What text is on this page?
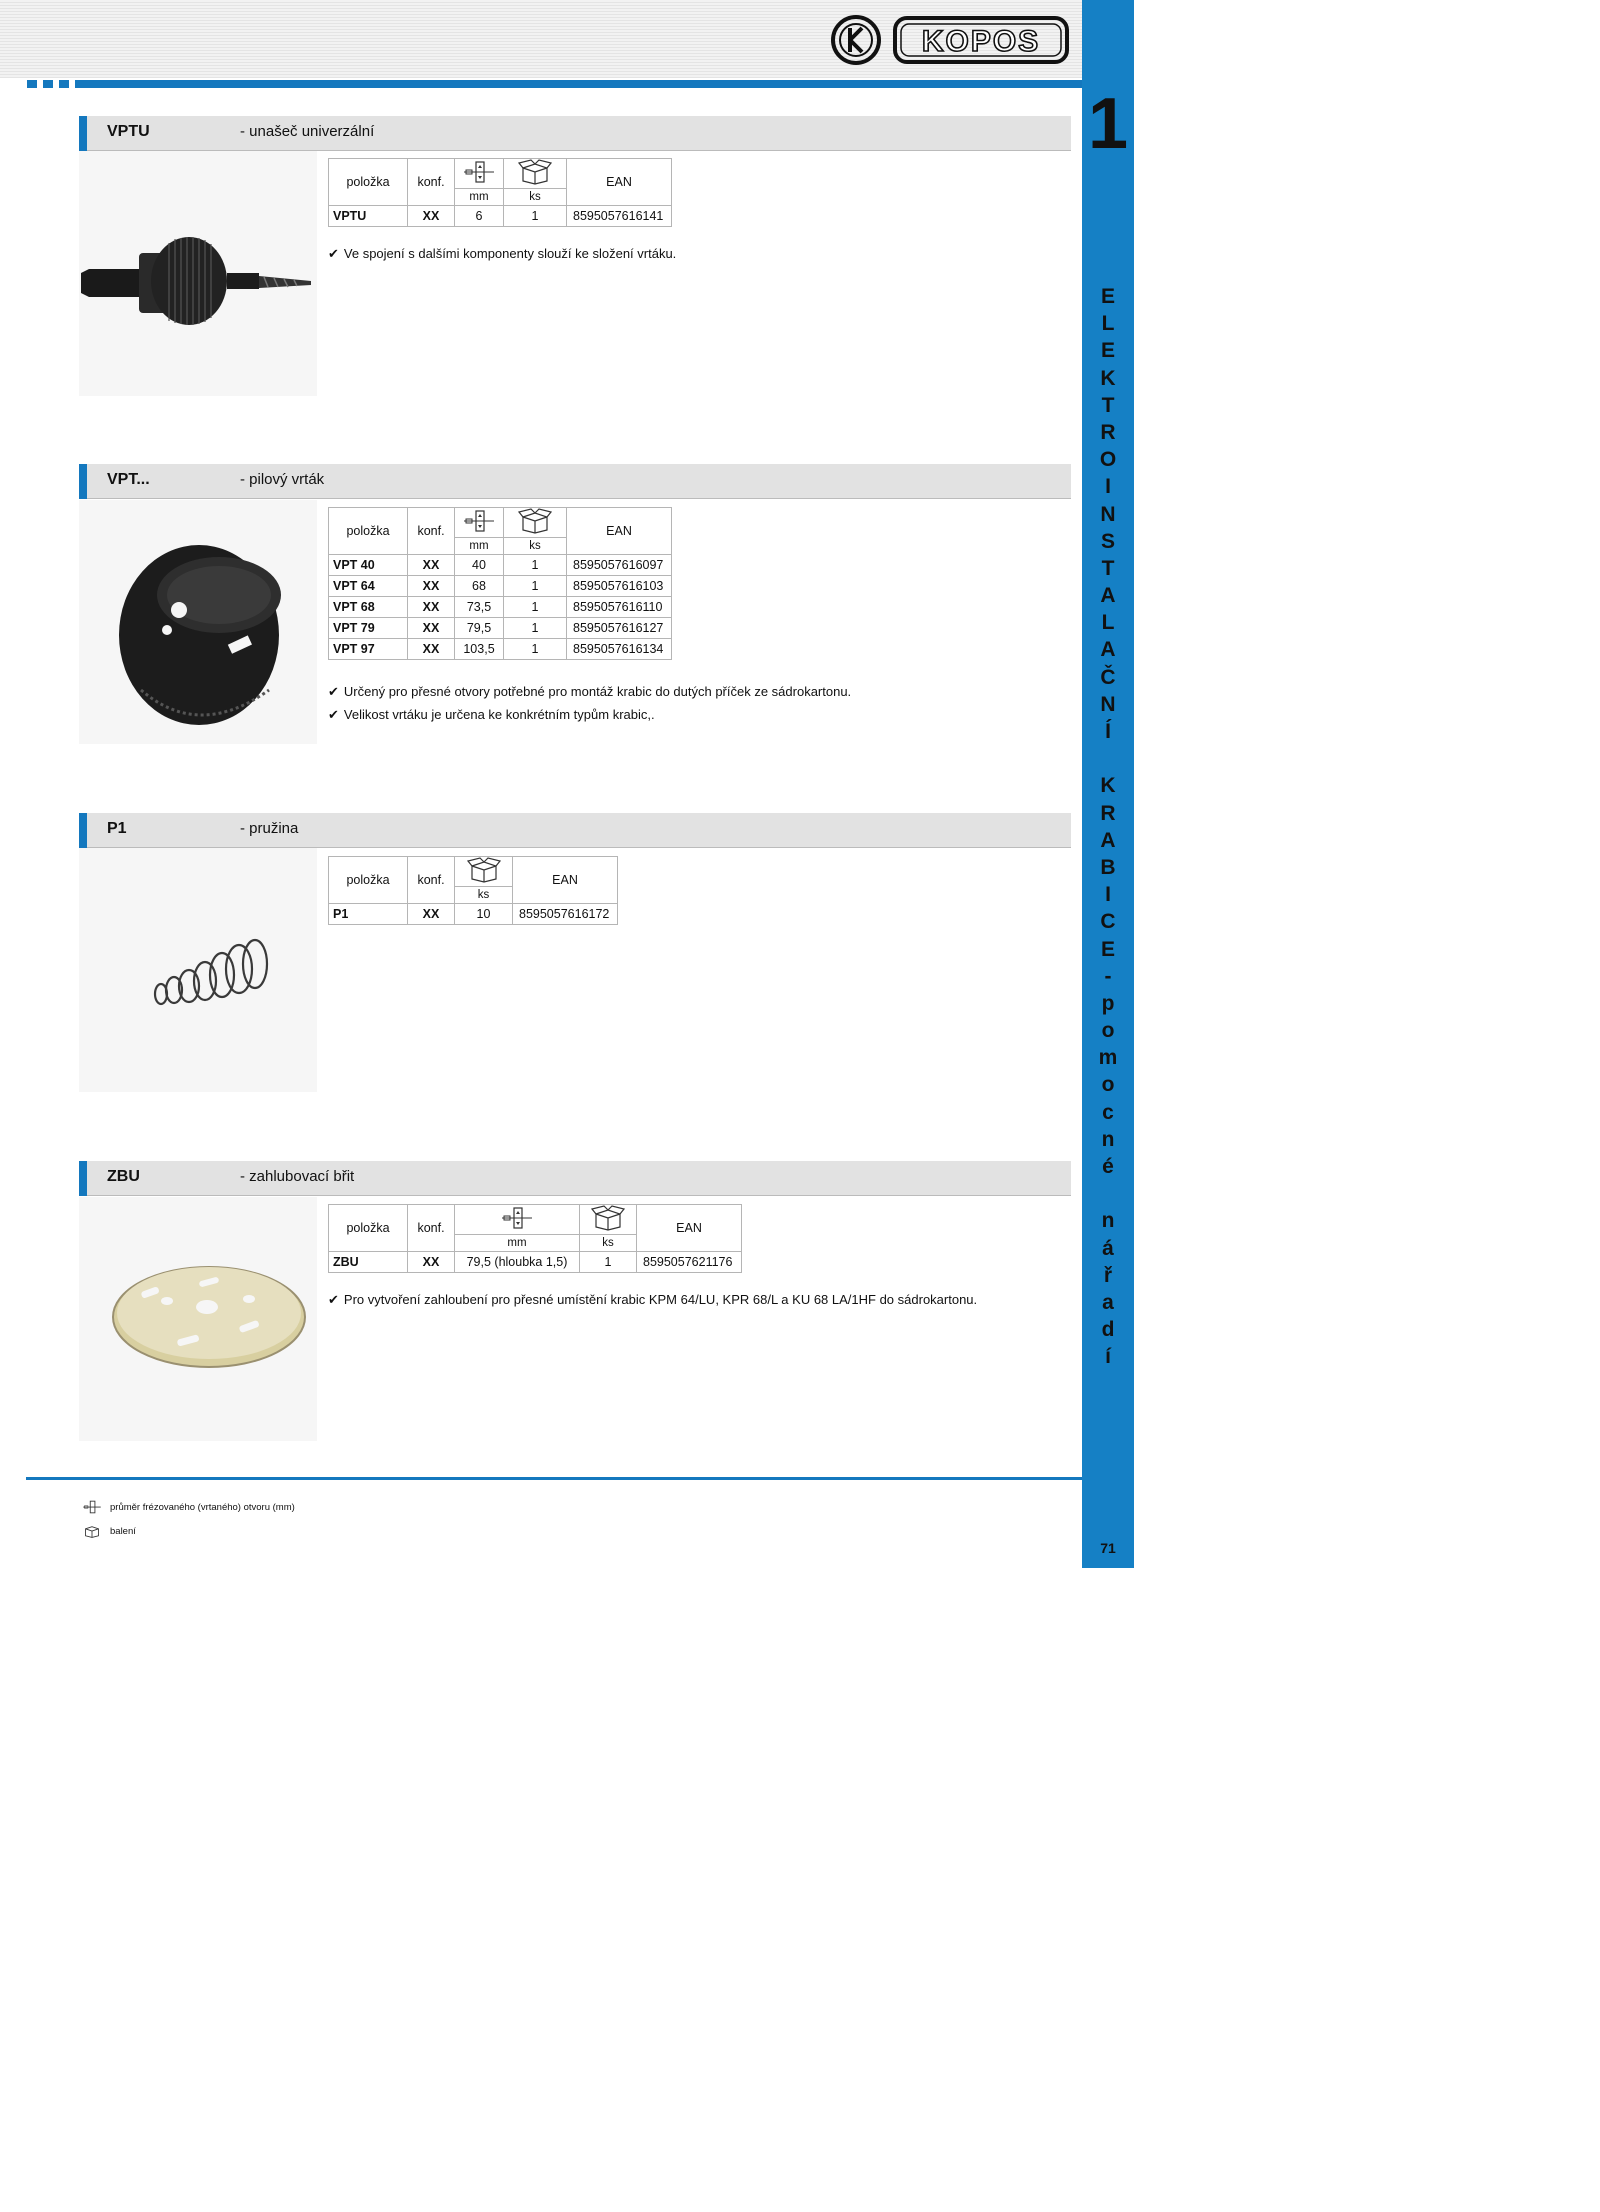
KOPOS
1
E
L
E
K
T
R
O
I
N
S
T
A
L
A
Č
N
Í
K
R
A
B
I
C
E
-
p
o
m
o
c
n
é
n
á
ř
a
d
í
71
VPTU	- unašeč univerzální
položka	konf.			EAN
		mm	ks	
VPTU	XX	6	1	8595057616141
✔ Ve spojení s dalšími komponenty slouží ke složení vrtáku.
VPT...	- pilový vrták
položka	konf.			EAN
		mm	ks	
VPT 40	XX	40	1	8595057616097
VPT 64	XX	68	1	8595057616103
VPT 68	XX	73,5	1	8595057616110
VPT 79	XX	79,5	1	8595057616127
VPT 97	XX	103,5	1	8595057616134
✔ Určený pro přesné otvory potřebné pro montáž krabic do dutých příček ze sádrokartonu.
✔ Velikost vrtáku je určena ke konkrétním typům krabic,.
P1	- pružina
položka	konf.		EAN
		ks	
P1	XX	10	8595057616172
ZBU	- zahlubovací břit
položka	konf.			EAN
		mm	ks	
ZBU	XX	79,5 (hloubka 1,5)	1	8595057621176
✔ Pro vytvoření zahloubení pro přesné umístění krabic KPM 64/LU, KPR 68/L a KU 68 LA/1HF do sádrokartonu.
průměr frézovaného (vrtaného) otvoru (mm)
balení
